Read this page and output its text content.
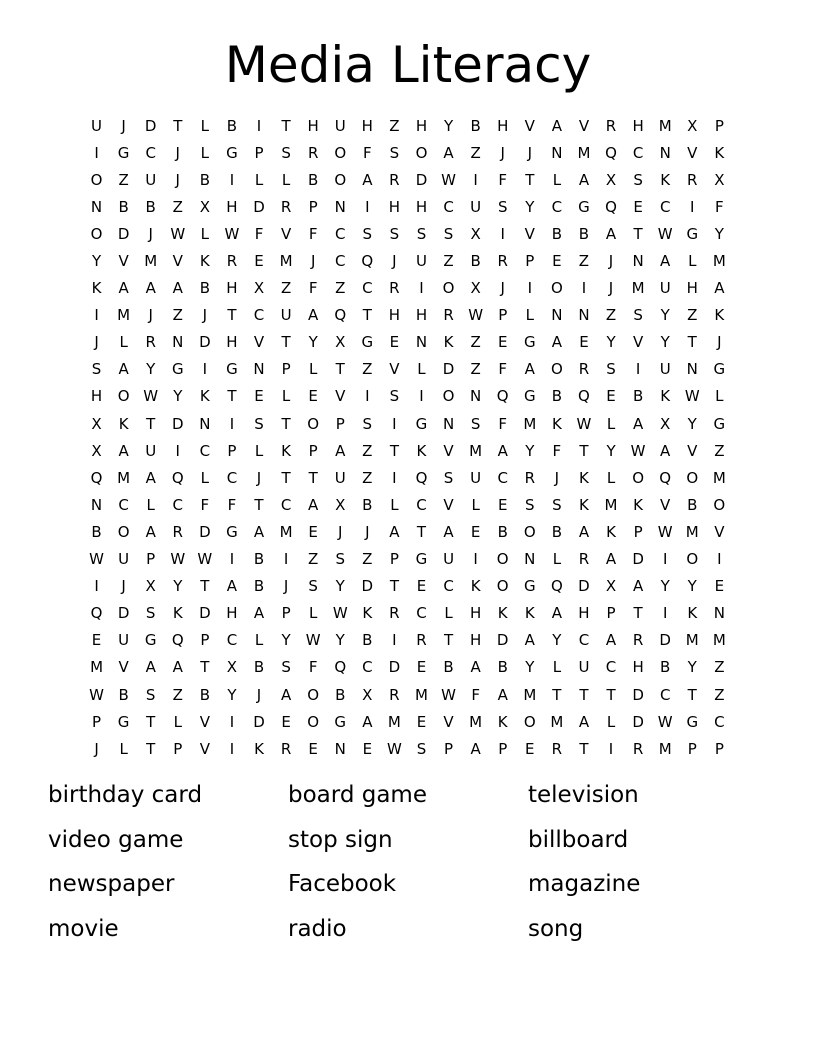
Media Literacy
U	J	D	T	L	B	I	T	H	U	H	Z	H	Y	B	H	V	A	V	R	H M	X	P
I	G	C	J	L	G	P	S	R	O	F	S	O	A	Z	J	J	N M Q	C	N	V	K
O	Z	U	J	B	I	L	L	B	O	A	R	D W	I	F	T	L	A	X	S	K	R	X
N	B	B	Z	X	H	D	R	P	N	I	H	H	C	U	S	Y	C	G	Q	E	C	I	F
O	D	J	W	L	W	F	V	F	C	S	S	S	S	X	I	V	B	B	A	T	W G	Y
Y	V	M	V	K	R	E	M	J	C	Q	J	U	Z	B	R	P	E	Z	J	N	A	L	M
K	A	A	A	B	H	X	Z	F	Z	C	R	I	O	X	J	I	O	I	J	M	U	H	A
I	M	J	Z	J	T	C	U	A	Q	T	H	H	R W	P	L	N	N	Z	S	Y	Z	K
J	L	R	N	D	H	V	T	Y	X	G	E	N	K	Z	E	G	A	E	Y	V	Y	T	J
S	A	Y	G	I	G	N	P	L	T	Z	V	L	D	Z	F	A	O	R	S	I	U	N	G
H	O W	Y	K	T	E	L	E	V	I	S	I	O	N	Q	G	B	Q	E	B	K W	L
X	K	T	D	N	I	S	T	O	P	S	I	G	N	S	F	M	K W	L	A	X	Y	G
X	A	U	I	C	P	L	K	P	A	Z	T	K	V	M	A	Y	F	T	Y	W A	V	Z
Q M	A	Q	L	C	J	T	T	U	Z	I	Q	S	U	C	R	J	K	L	O	Q	O M
N	C	L	C	F	F	T	C	A	X	B	L	C	V	L	E	S	S	K	M	K	V	B	O
B	O	A	R	D	G	A	M	E	J	J	A	T	A	E	B	O	B	A	K	P	W M	V
W U	P	W W	I	B	I	Z	S	Z	P	G	U	I	O	N	L	R	A	D	I	O	I
I	J	X	Y	T	A	B	J	S	Y	D	T	E	C	K	O	G	Q	D	X	A	Y	Y	E
Q	D	S	K	D	H	A	P	L	W K	R	C	L	H	K	K	A	H	P	T	I	K	N
E	U	G	Q	P	C	L	Y	W	Y	B	I	R	T	H	D	A	Y	C	A	R	D M M
M	V	A	A	T	X	B	S	F	Q	C	D	E	B	A	B	Y	L	U	C	H	B	Y	Z
W B	S	Z	B	Y	J	A	O	B	X	R	M W	F	A	M	T	T	T	D	C	T	Z
P	G	T	L	V	I	D	E	O	G	A	M	E	V	M	K	O M	A	L	D W G	C
J	L	T	P	V	I	K	R	E	N	E W S	P	A	P	E	R	T	I	R	M	P	P
birthday card	board game	television
video game	stop sign	billboard
newspaper	Facebook	magazine
movie	radio	song
